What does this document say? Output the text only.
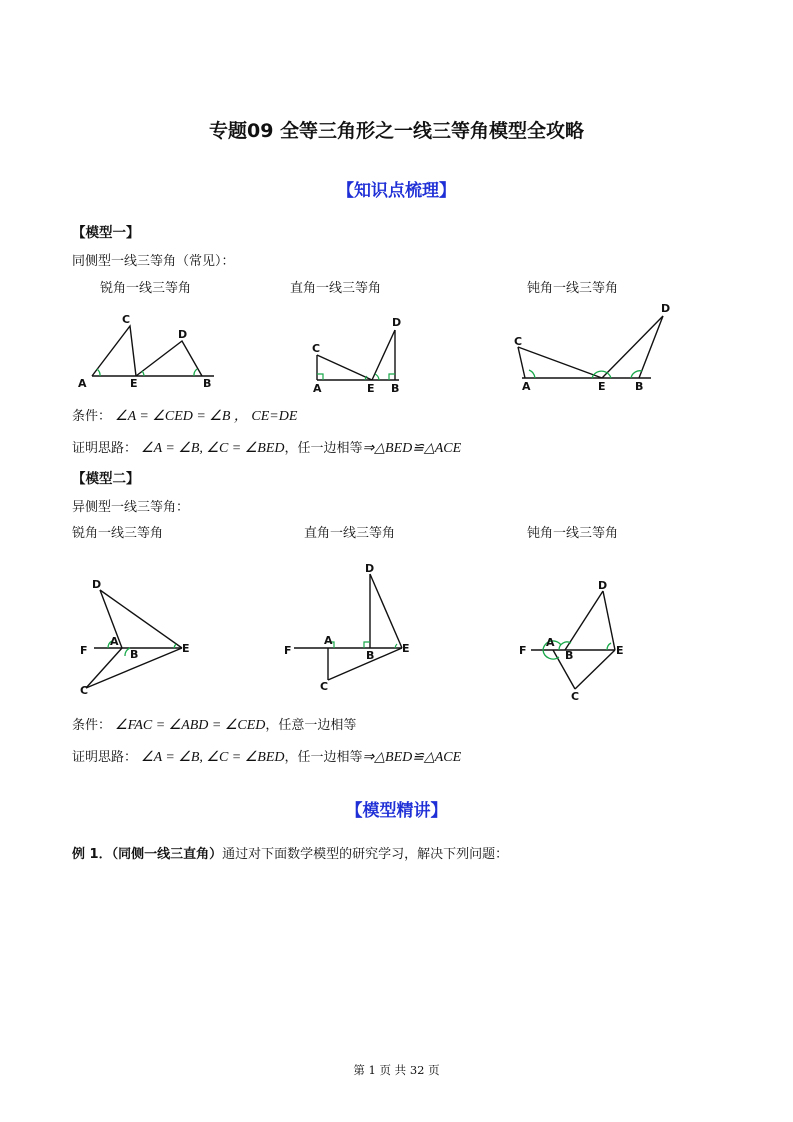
专题09 全等三角形之一线三等角模型全攻略
【知识点梳理】
【模型一】
同侧型一线三等角（常见）：
锐角一线三等角	直角一线三等角	钝角一线三等角
A
C
E
D
B	A
C
E
D
B	A
C
E
D
B
条件： ∠A = ∠CED = ∠B ， CE=DE
证明思路： ∠A = ∠B, ∠C = ∠BED，任一边相等⇒△BED≌△ACE
【模型二】
异侧型一线三等角：
锐角一线三等角	直角一线三等角	钝角一线三等角
F
A
B	E
D
C
F
A
B
E
D
C
F
A
B	E
D
C
条件： ∠FAC = ∠ABD = ∠CED，任意一边相等
证明思路： ∠A = ∠B, ∠C = ∠BED，任一边相等⇒△BED≌△ACE
【模型精讲】
例 1．（同侧一线三直角）通过对下面数学模型的研究学习，解决下列问题：
第 1 页 共 32 页
